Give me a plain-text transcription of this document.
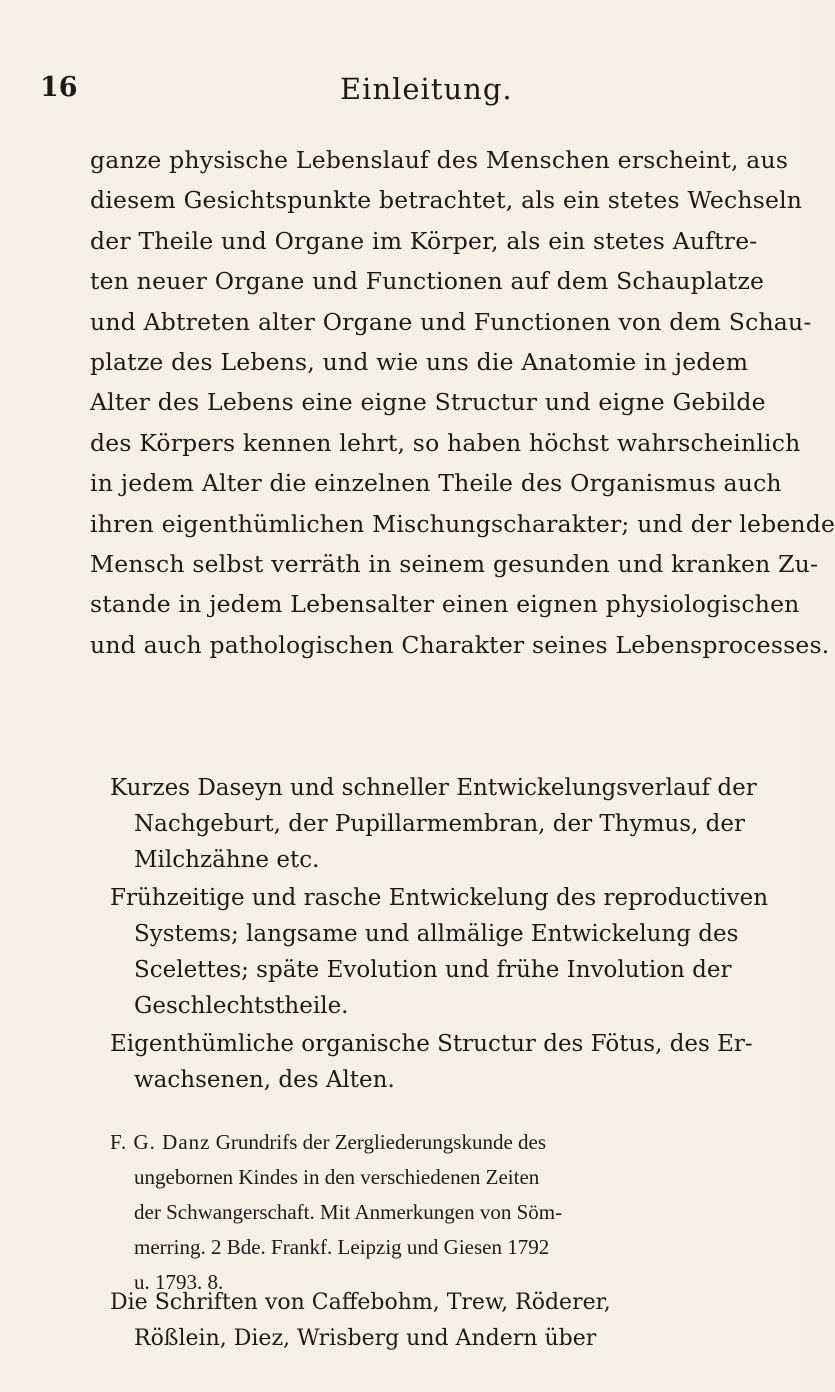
16	Einleitung.
ganze physische Lebenslauf des Menschen erscheint, aus
diesem Gesichtspunkte betrachtet, als ein stetes Wechseln
der Theile und Organe im Körper, als ein stetes Auftre-
ten neuer Organe und Functionen auf dem Schauplatze
und Abtreten alter Organe und Functionen von dem Schau-
platze des Lebens, und wie uns die Anatomie in jedem
Alter des Lebens eine eigne Structur und eigne Gebilde
des Körpers kennen lehrt, so haben höchst wahrscheinlich
in jedem Alter die einzelnen Theile des Organismus auch
ihren eigenthümlichen Mischungscharakter; und der lebende
Mensch selbst verräth in seinem gesunden und kranken Zu-
stande in jedem Lebensalter einen eignen physiologischen
und auch pathologischen Charakter seines Lebensprocesses.
Kurzes Daseyn und schneller Entwickelungsverlauf der
Nachgeburt, der Pupillarmembran, der Thymus, der
Milchzähne etc.
Frühzeitige und rasche Entwickelung des reproductiven
Systems; langsame und allmälige Entwickelung des
Scelettes; späte Evolution und frühe Involution der
Geschlechtstheile.
Eigenthümliche organische Structur des Fötus, des Er-
wachsenen, des Alten.
F. G. Danz Grundrifs der Zergliederungskunde des
ungebornen Kindes in den verschiedenen Zeiten
der Schwangerschaft. Mit Anmerkungen von Söm-
merring. 2 Bde. Frankf. Leipzig und Giesen 1792
u. 1793. 8.
Die Schriften von Caffebohm, Trew, Röderer,
Rößlein, Diez, Wrisberg und Andern über
